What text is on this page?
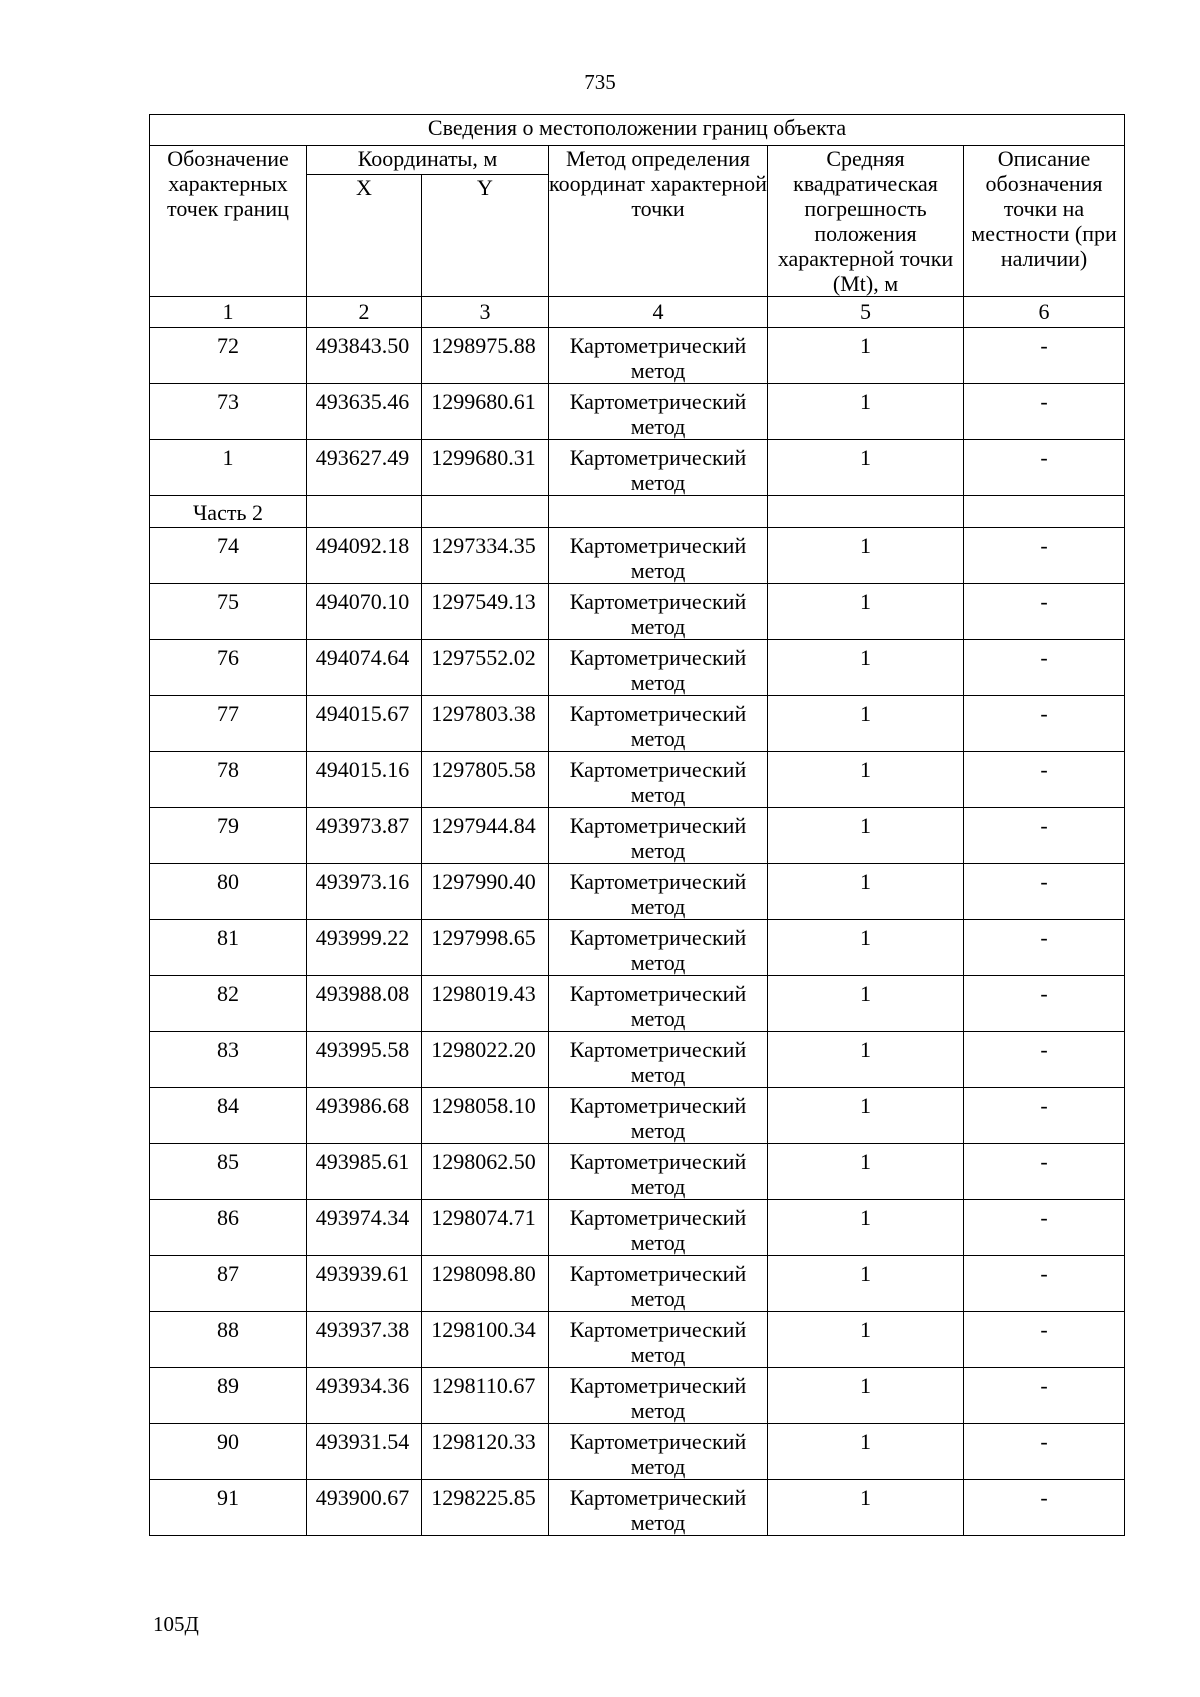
735
Сведения о местоположении границ объекта					
Обозначение характерных точек границ	Координаты, м		Метод определения координат характерной точки	Средняя квадратическая погрешность положения характерной точки (Mt), м	Описание обозначения точки на местности (при наличии)
	X	Y			
1	2	3	4	5	6
72	493843.50	1298975.88	Картометрический метод	1	-
73	493635.46	1299680.61	Картометрический метод	1	-
1	493627.49	1299680.31	Картометрический метод	1	-
Часть 2					
74	494092.18	1297334.35	Картометрический метод	1	-
75	494070.10	1297549.13	Картометрический метод	1	-
76	494074.64	1297552.02	Картометрический метод	1	-
77	494015.67	1297803.38	Картометрический метод	1	-
78	494015.16	1297805.58	Картометрический метод	1	-
79	493973.87	1297944.84	Картометрический метод	1	-
80	493973.16	1297990.40	Картометрический метод	1	-
81	493999.22	1297998.65	Картометрический метод	1	-
82	493988.08	1298019.43	Картометрический метод	1	-
83	493995.58	1298022.20	Картометрический метод	1	-
84	493986.68	1298058.10	Картометрический метод	1	-
85	493985.61	1298062.50	Картометрический метод	1	-
86	493974.34	1298074.71	Картометрический метод	1	-
87	493939.61	1298098.80	Картометрический метод	1	-
88	493937.38	1298100.34	Картометрический метод	1	-
89	493934.36	1298110.67	Картометрический метод	1	-
90	493931.54	1298120.33	Картометрический метод	1	-
91	493900.67	1298225.85	Картометрический метод	1	-
105Д
